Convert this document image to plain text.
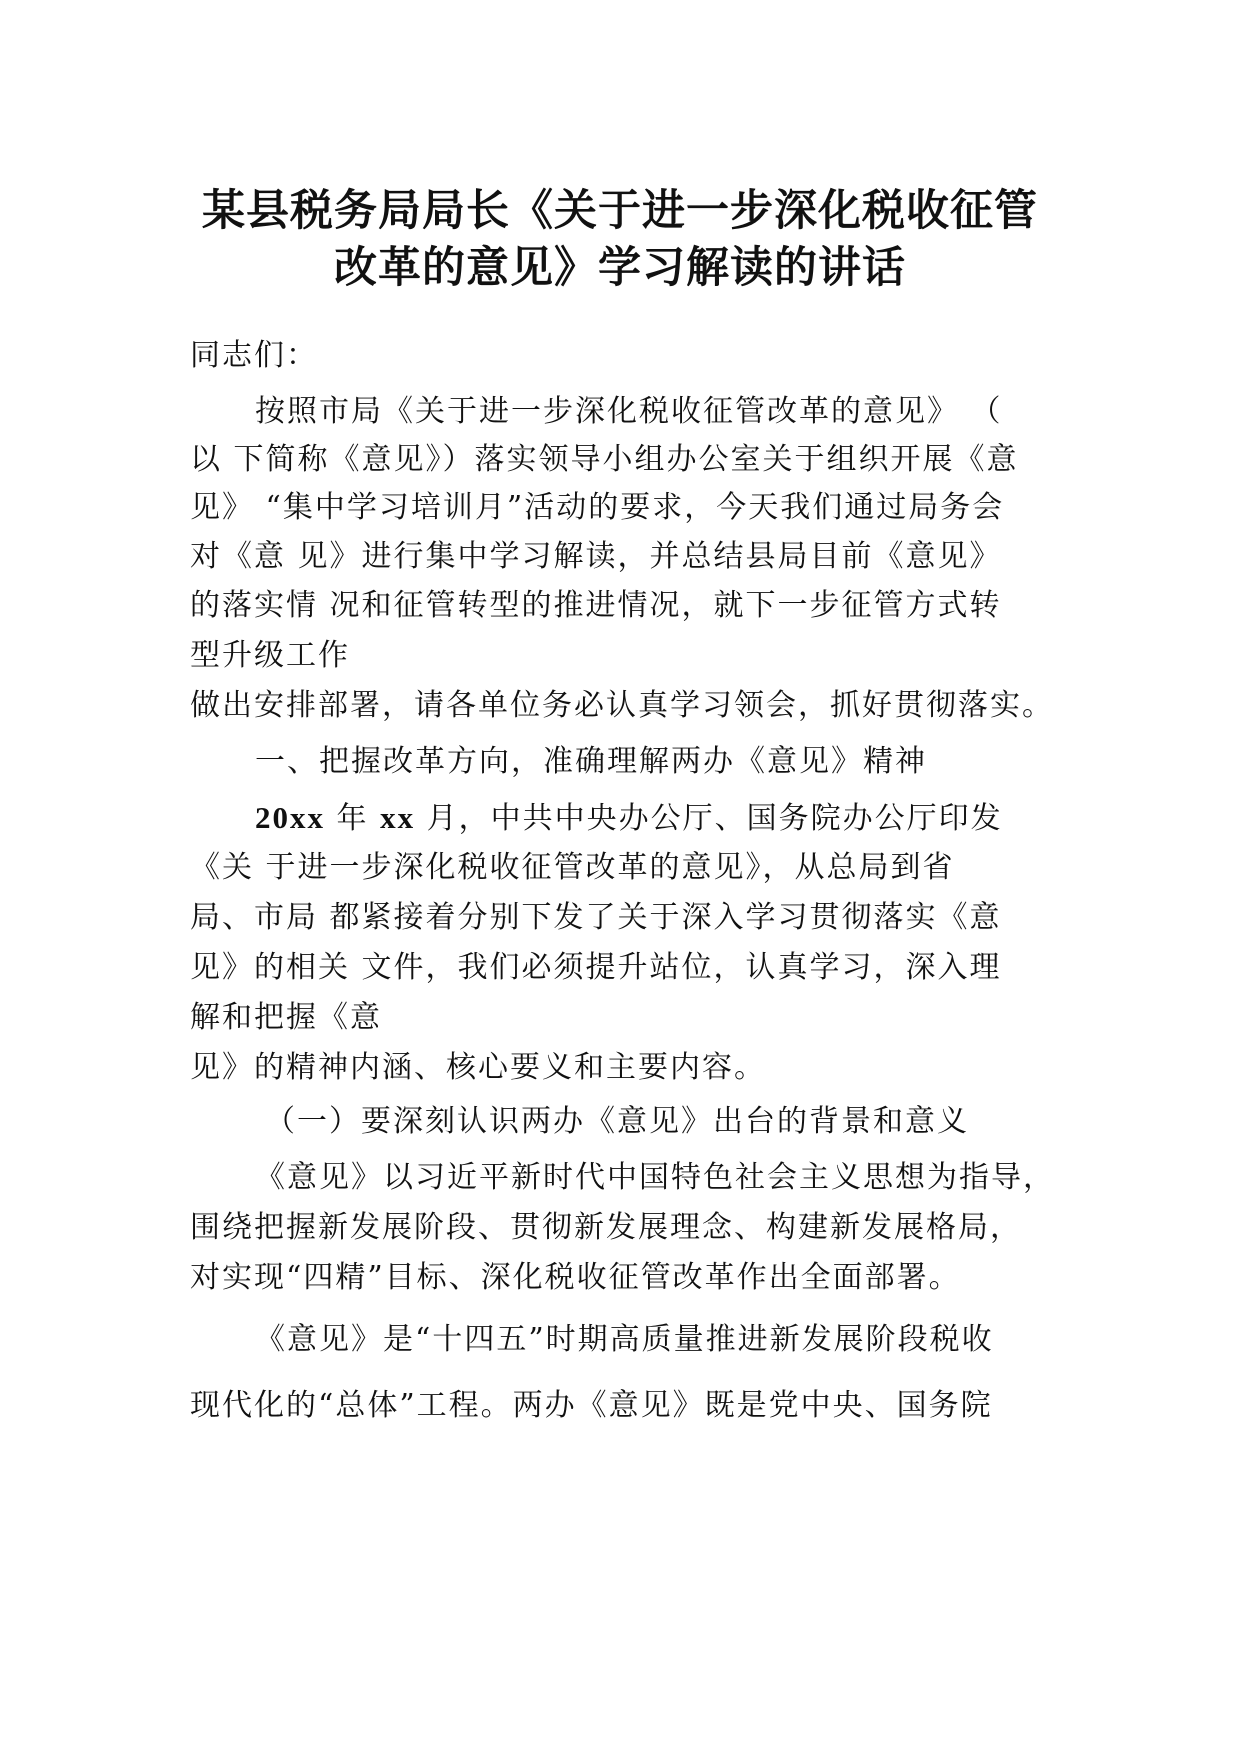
某县税务局局长《关于进一步深化税收征管
改革的意见》学习解读的讲话
同志们：
按照市局《关于进一步深化税收征管改革的意见》 （
以 下简称《意见》）落实领导小组办公室关于组织开展《意
见》 “集中学习培训月”活动的要求，今天我们通过局务会
对《意 见》进行集中学习解读，并总结县局目前《意见》
的落实情 况和征管转型的推进情况，就下一步征管方式转
型升级工作
做出安排部署，请各单位务必认真学习领会，抓好贯彻落实。
一、把握改革方向，准确理解两办《意见》精神
20xx 年 xx 月，中共中央办公厅、国务院办公厅印发
《关 于进一步深化税收征管改革的意见》，从总局到省
局、市局 都紧接着分别下发了关于深入学习贯彻落实《意
见》的相关 文件，我们必须提升站位，认真学习，深入理
解和把握《意
见》的精神内涵、核心要义和主要内容。
（一）要深刻认识两办《意见》出台的背景和意义
《意见》以习近平新时代中国特色社会主义思想为指导，
围绕把握新发展阶段、贯彻新发展理念、构建新发展格局，
对实现“四精”目标、深化税收征管改革作出全面部署。
《意见》是“十四五”时期高质量推进新发展阶段税收
现代化的“总体”工程。两办《意见》既是党中央、国务院
